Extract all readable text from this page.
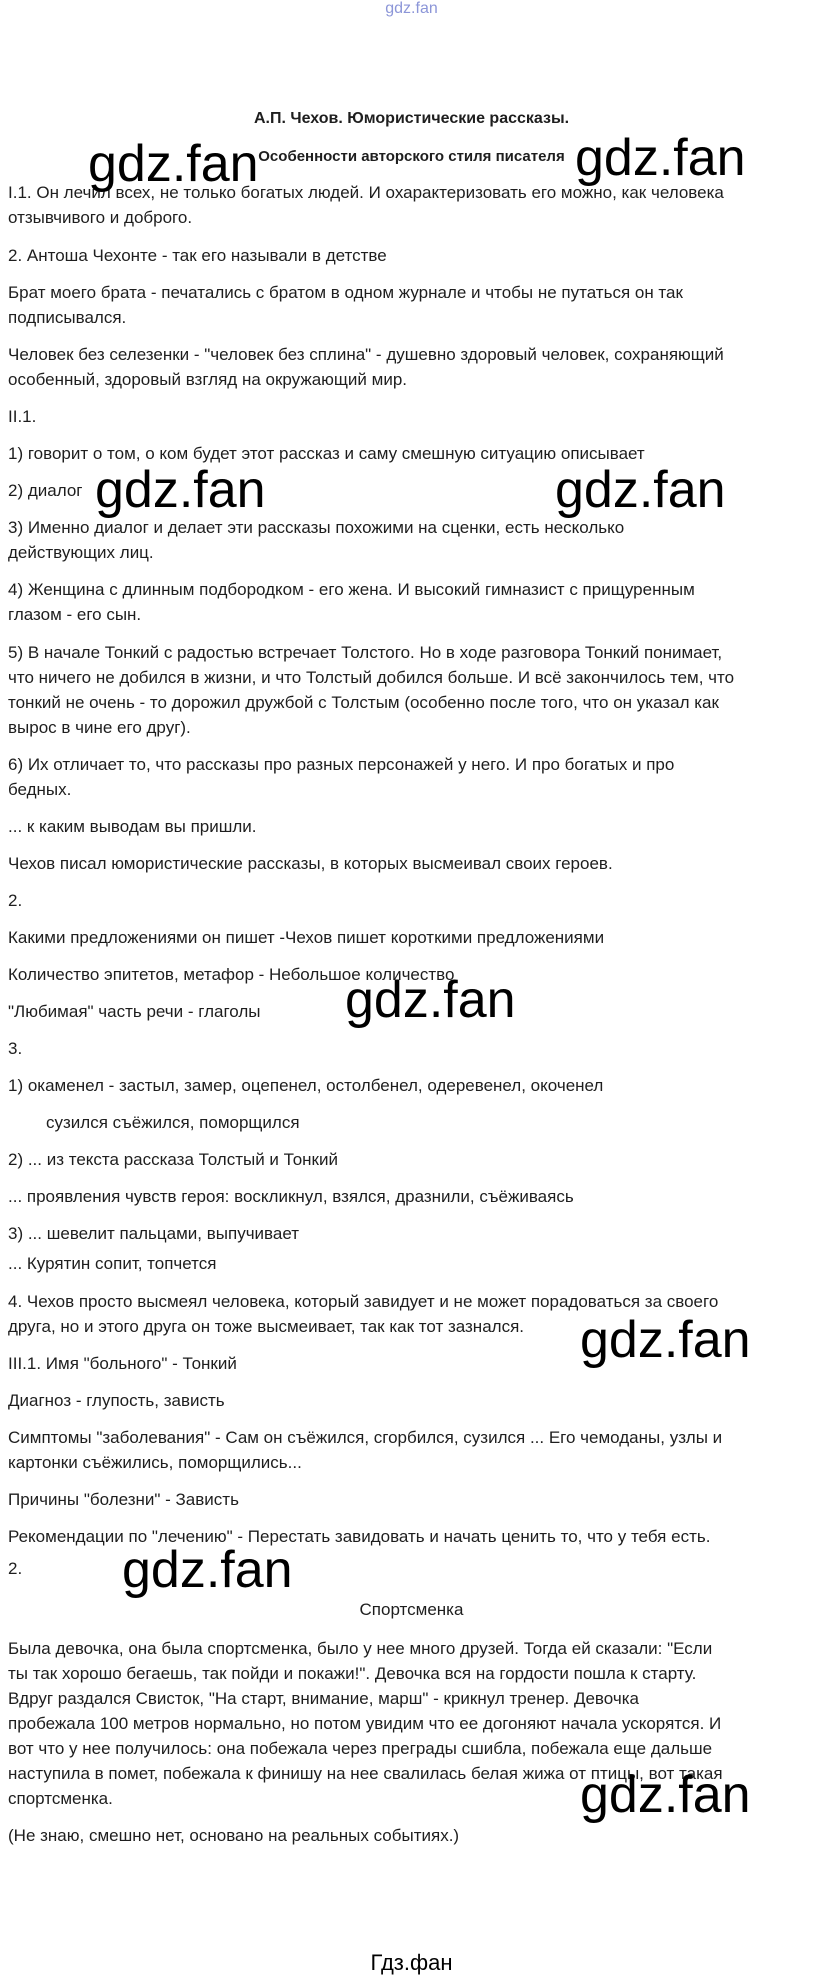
gdz.fan
А.П. Чехов. Юмористические рассказы.
Особенности авторского стиля писателя
I.1. Он лечил всех, не только богатых людей. И охарактеризовать его можно, как человека
отзывчивого и доброго.
2. Антоша Чехонте - так его называли в детстве
Брат моего брата - печатались с братом в одном журнале и чтобы не путаться он так
подписывался.
Человек без селезенки - "человек без сплина" - душевно здоровый человек, сохраняющий
особенный, здоровый взгляд на окружающий мир.
II.1.
1) говорит о том, о ком будет этот рассказ и саму смешную ситуацию описывает
2) диалог
3) Именно диалог и делает эти рассказы похожими на сценки, есть несколько
действующих лиц.
4) Женщина с длинным подбородком - его жена. И высокий гимназист с прищуренным
глазом - его сын.
5) В начале Тонкий с радостью встречает Толстого. Но в ходе разговора Тонкий понимает,
что ничего не добился в жизни, и что Толстый добился больше. И всё закончилось тем, что
тонкий не очень - то дорожил дружбой с Толстым (особенно после того, что он указал как
вырос в чине его друг).
6) Их отличает то, что рассказы про разных персонажей у него. И про богатых и про
бедных.
... к каким выводам вы пришли.
Чехов писал юмористические рассказы, в которых высмеивал своих героев.
2.
Какими предложениями он пишет -Чехов пишет короткими предложениями
Количество эпитетов, метафор - Небольшое количество
"Любимая" часть речи - глаголы
3.
1) окаменел - застыл, замер, оцепенел, остолбенел, одеревенел, окоченел
сузился съёжился, поморщился
2) ... из текста рассказа Толстый и Тонкий
... проявления чувств героя: воскликнул, взялся, дразнили, съёживаясь
3) ... шевелит пальцами, выпучивает
... Курятин сопит, топчется
4. Чехов просто высмеял человека, который завидует и не может порадоваться за своего
друга, но и этого друга он тоже высмеивает, так как тот зазнался.
III.1. Имя "больного" - Тонкий
Диагноз - глупость, зависть
Симптомы "заболевания" - Сам он съёжился, сгорбился, сузился ... Его чемоданы, узлы и
картонки съёжились, поморщились...
Причины "болезни" - Зависть
Рекомендации по "лечению" - Перестать завидовать и начать ценить то, что у тебя есть.
2.
Спортсменка
Была девочка, она была спортсменка, было у нее много друзей. Тогда ей сказали: "Если
ты так хорошо бегаешь, так пойди и покажи!". Девочка вся на гордости пошла к старту.
Вдруг раздался Свисток, "На старт, внимание, марш" - крикнул тренер. Девочка
пробежала 100 метров нормально, но потом увидим что ее догоняют начала ускорятся. И
вот что у нее получилось: она побежала через преграды сшибла, побежала еще дальше
наступила в помет, побежала к финишу на нее свалилась белая жижа от птицы, вот такая
спортсменка.
(Не знаю, смешно нет, основано на реальных событиях.)
gdz.fan	gdz.fan
gdz.fan	gdz.fan
gdz.fan
gdz.fan
gdz.fan
gdz.fan
Гдз.фан
